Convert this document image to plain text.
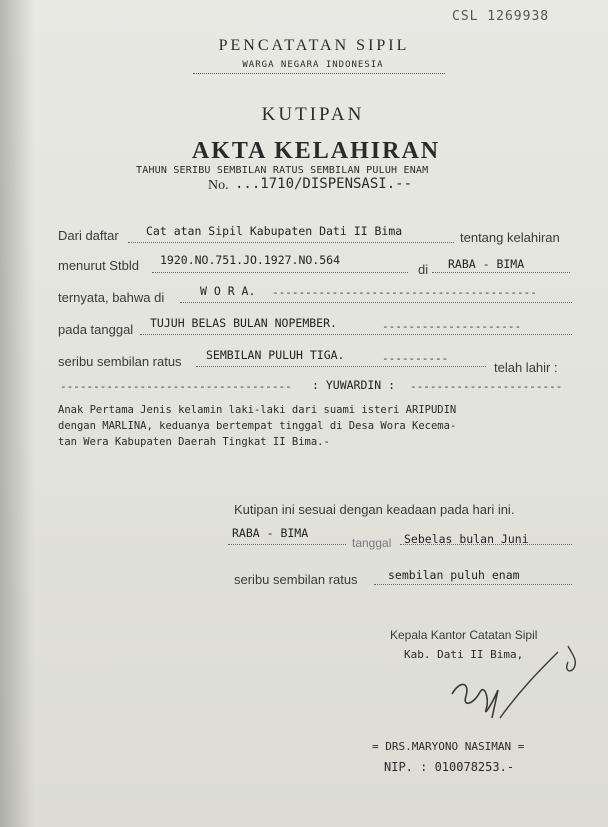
CSL 1269938
PENCATATAN SIPIL
WARGA NEGARA INDONESIA
KUTIPAN
AKTA KELAHIRAN
TAHUN SERIBU SEMBILAN RATUS SEMBILAN PULUH ENAM
No. ...1710/DISPENSASI.--
Dari daftar Cat atan Sipil Kabupaten Dati II Bima	tentang kelahiran
menurut Stbld 1920.NO.751.JO.1927.NO.564
di RABA - BIMA
ternyata, bahwa di	W O R A. ----------------------------------------
pada tanggal TUJUH BELAS BULAN NOPEMBER.	---------------------
seribu sembilan ratus SEMBILAN PULUH TIGA.	----------
telah lahir :
----------------------------------- : YUWARDIN : -----------------------
Anak Pertama Jenis kelamin laki-laki dari suami isteri ARIPUDIN
dengan MARLINA, keduanya bertempat tinggal di Desa Wora Kecema-
tan Wera Kabupaten Daerah Tingkat II Bima.-
Kutipan ini sesuai dengan keadaan pada hari ini.
RABA - BIMA
tanggal Sebelas bulan Juni
seribu sembilan ratus	sembilan puluh enam
Kepala Kantor Catatan Sipil
Kab. Dati II Bima,
= DRS.MARYONO NASIMAN =
NIP. : 010078253.-
